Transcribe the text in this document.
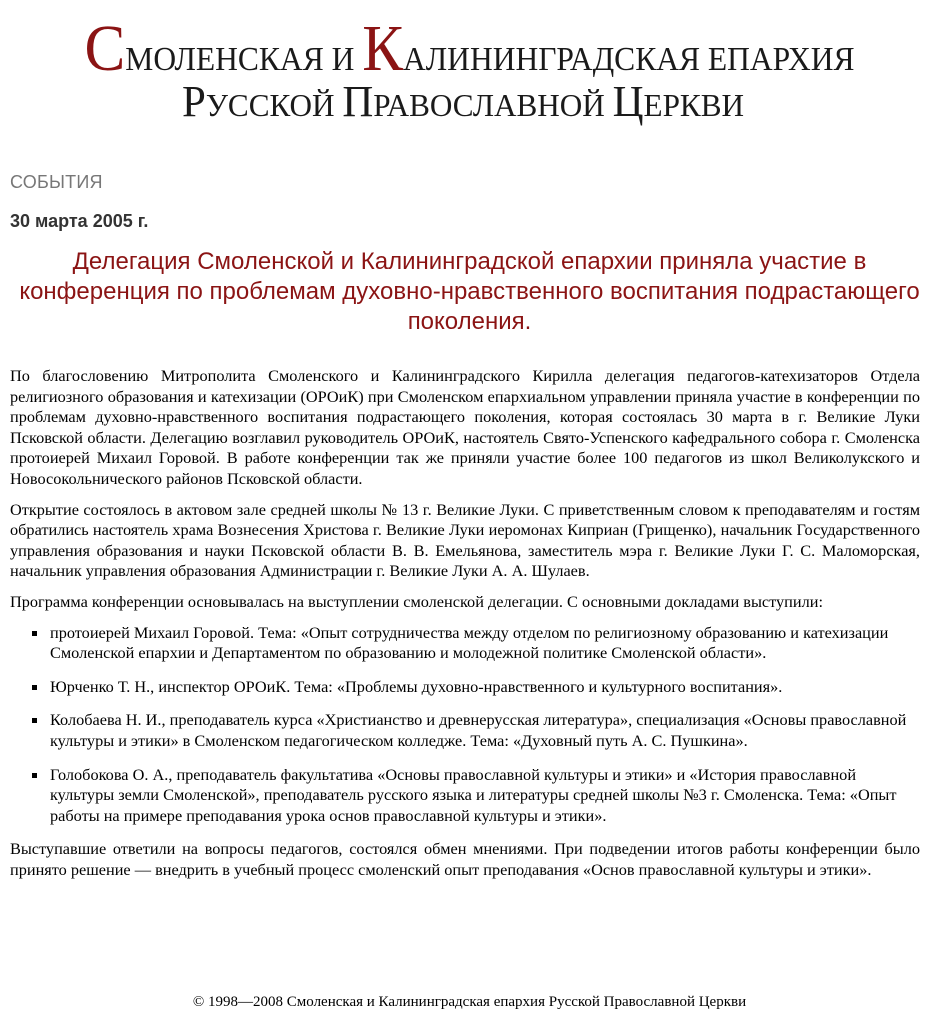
СМОЛЕНСКАЯ И КАЛИНИНГРАДСКАЯ ЕПАРХИЯ
РУССКОЙ ПРАВОСЛАВНОЙ ЦЕРКВИ
СОБЫТИЯ
30 марта 2005 г.
Делегация Смоленской и Калининградской епархии приняла участие в конференция по проблемам духовно-нравственного воспитания подрастающего поколения.

По благословению Митрополита Смоленского и Калининградского Кирилла делегация педагогов-катехизаторов Отдела религиозного образования и катехизации (ОРОиК) при Смоленском епархиальном управлении приняла участие в конференции по проблемам духовно-нравственного воспитания подрастающего поколения, которая состоялась 30 марта в г. Великие Луки Псковской области. Делегацию возглавил руководитель ОРОиК, настоятель Свято-Успенского кафедрального собора г. Смоленска протоиерей Михаил Горовой. В работе конференции так же приняли участие более 100 педагогов из школ Великолукского и Новосокольнического районов Псковской области.

Открытие состоялось в актовом зале средней школы № 13 г. Великие Луки. С приветственным словом к преподавателям и гостям обратились настоятель храма Вознесения Христова г. Великие Луки иеромонах Киприан (Грищенко), начальник Государственного управления образования и науки Псковской области В. В. Емельянова, заместитель мэра г. Великие Луки Г. С. Маломорская, начальник управления образования Администрации г. Великие Луки А. А. Шулаев.

Программа конференции основывалась на выступлении смоленской делегации. С основными докладами выступили:

протоиерей Михаил Горовой. Тема: «Опыт сотрудничества между отделом по религиозному образованию и катехизации Смоленской епархии и Департаментом по образованию и молодежной политике Смоленской области».
Юрченко Т. Н., инспектор ОРОиК. Тема: «Проблемы духовно-нравственного и культурного воспитания».
Колобаева Н. И., преподаватель курса «Христианство и древнерусская литература», специализация «Основы православной культуры и этики» в Смоленском педагогическом колледже. Тема: «Духовный путь А. С. Пушкина».
Голобокова О. А., преподаватель факультатива «Основы православной культуры и этики» и «История православной культуры земли Смоленской», преподаватель русского языка и литературы средней школы №3 г. Смоленска. Тема: «Опыт работы на примере преподавания урока основ православной культуры и этики».

Выступавшие ответили на вопросы педагогов, состоялся обмен мнениями. При подведении итогов работы конференции было принято решение — внедрить в учебный процесс смоленский опыт преподавания «Основ православной культуры и этики».

© 1998—2008 Смоленская и Калининградская епархия Русской Православной Церкви
